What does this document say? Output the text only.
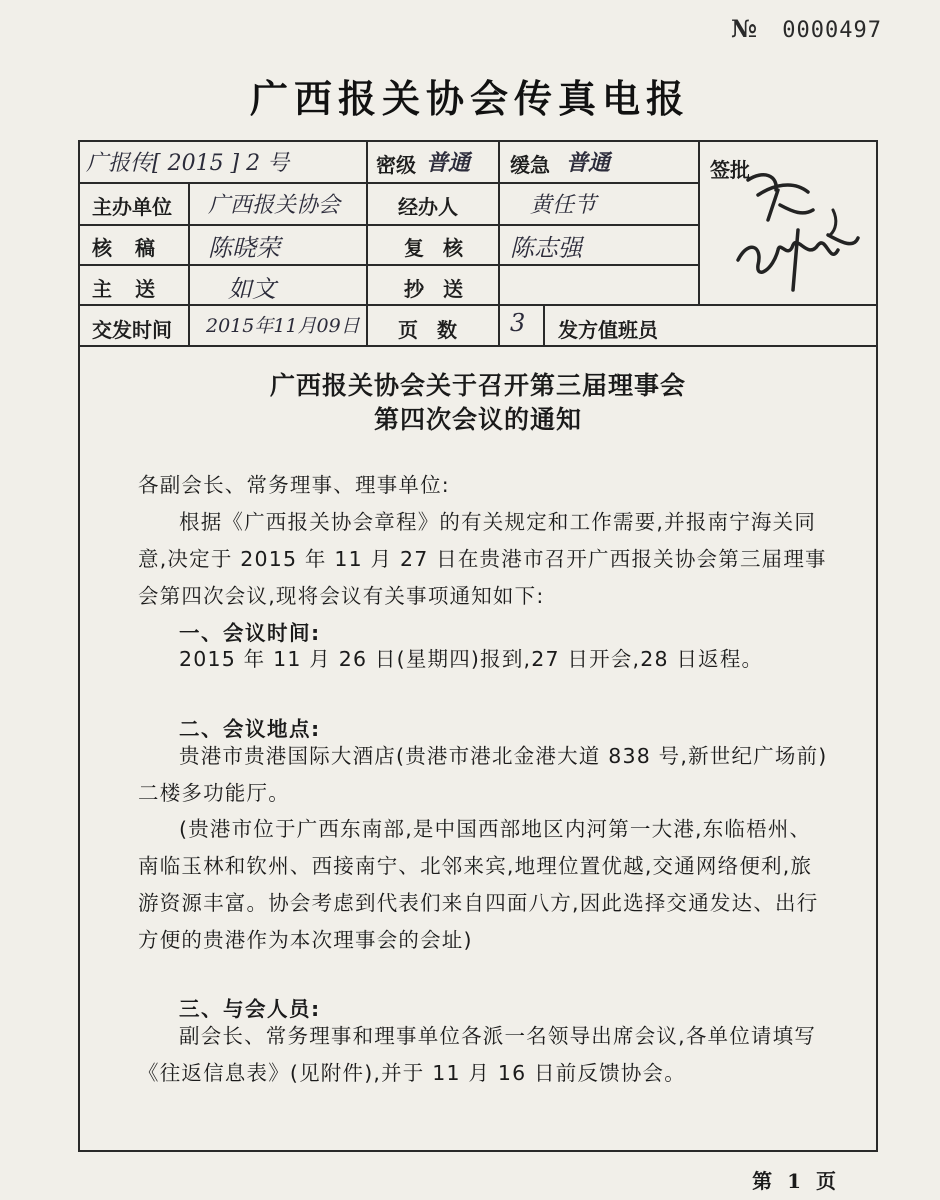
№ 0000497
广西报关协会传真电报
广报传[ 2015 ] 2 号	密级 普通 缓急 普通	签批
主办单位 广西报关协会	经办人	黄任节
核 稿 陈晓荣	复 核 陈志强
主 送	如文	抄 送
交发时间 2015年11月09日 页 数 3 发方值班员
广西报关协会关于召开第三届理事会
第四次会议的通知
各副会长、常务理事、理事单位:
根据《广西报关协会章程》的有关规定和工作需要,并报南宁海关同意,决定于 2015 年 11 月 27 日在贵港市召开广西报关协会第三届理事会第四次会议,现将会议有关事项通知如下:
一、会议时间:
2015 年 11 月 26 日(星期四)报到,27 日开会,28 日返程。
二、会议地点:
贵港市贵港国际大酒店(贵港市港北金港大道 838 号,新世纪广场前)二楼多功能厅。
(贵港市位于广西东南部,是中国西部地区内河第一大港,东临梧州、南临玉林和钦州、西接南宁、北邻来宾,地理位置优越,交通网络便利,旅游资源丰富。协会考虑到代表们来自四面八方,因此选择交通发达、出行方便的贵港作为本次理事会的会址)
三、与会人员:
副会长、常务理事和理事单位各派一名领导出席会议,各单位请填写《往返信息表》(见附件),并于 11 月 16 日前反馈协会。
第 1 页
